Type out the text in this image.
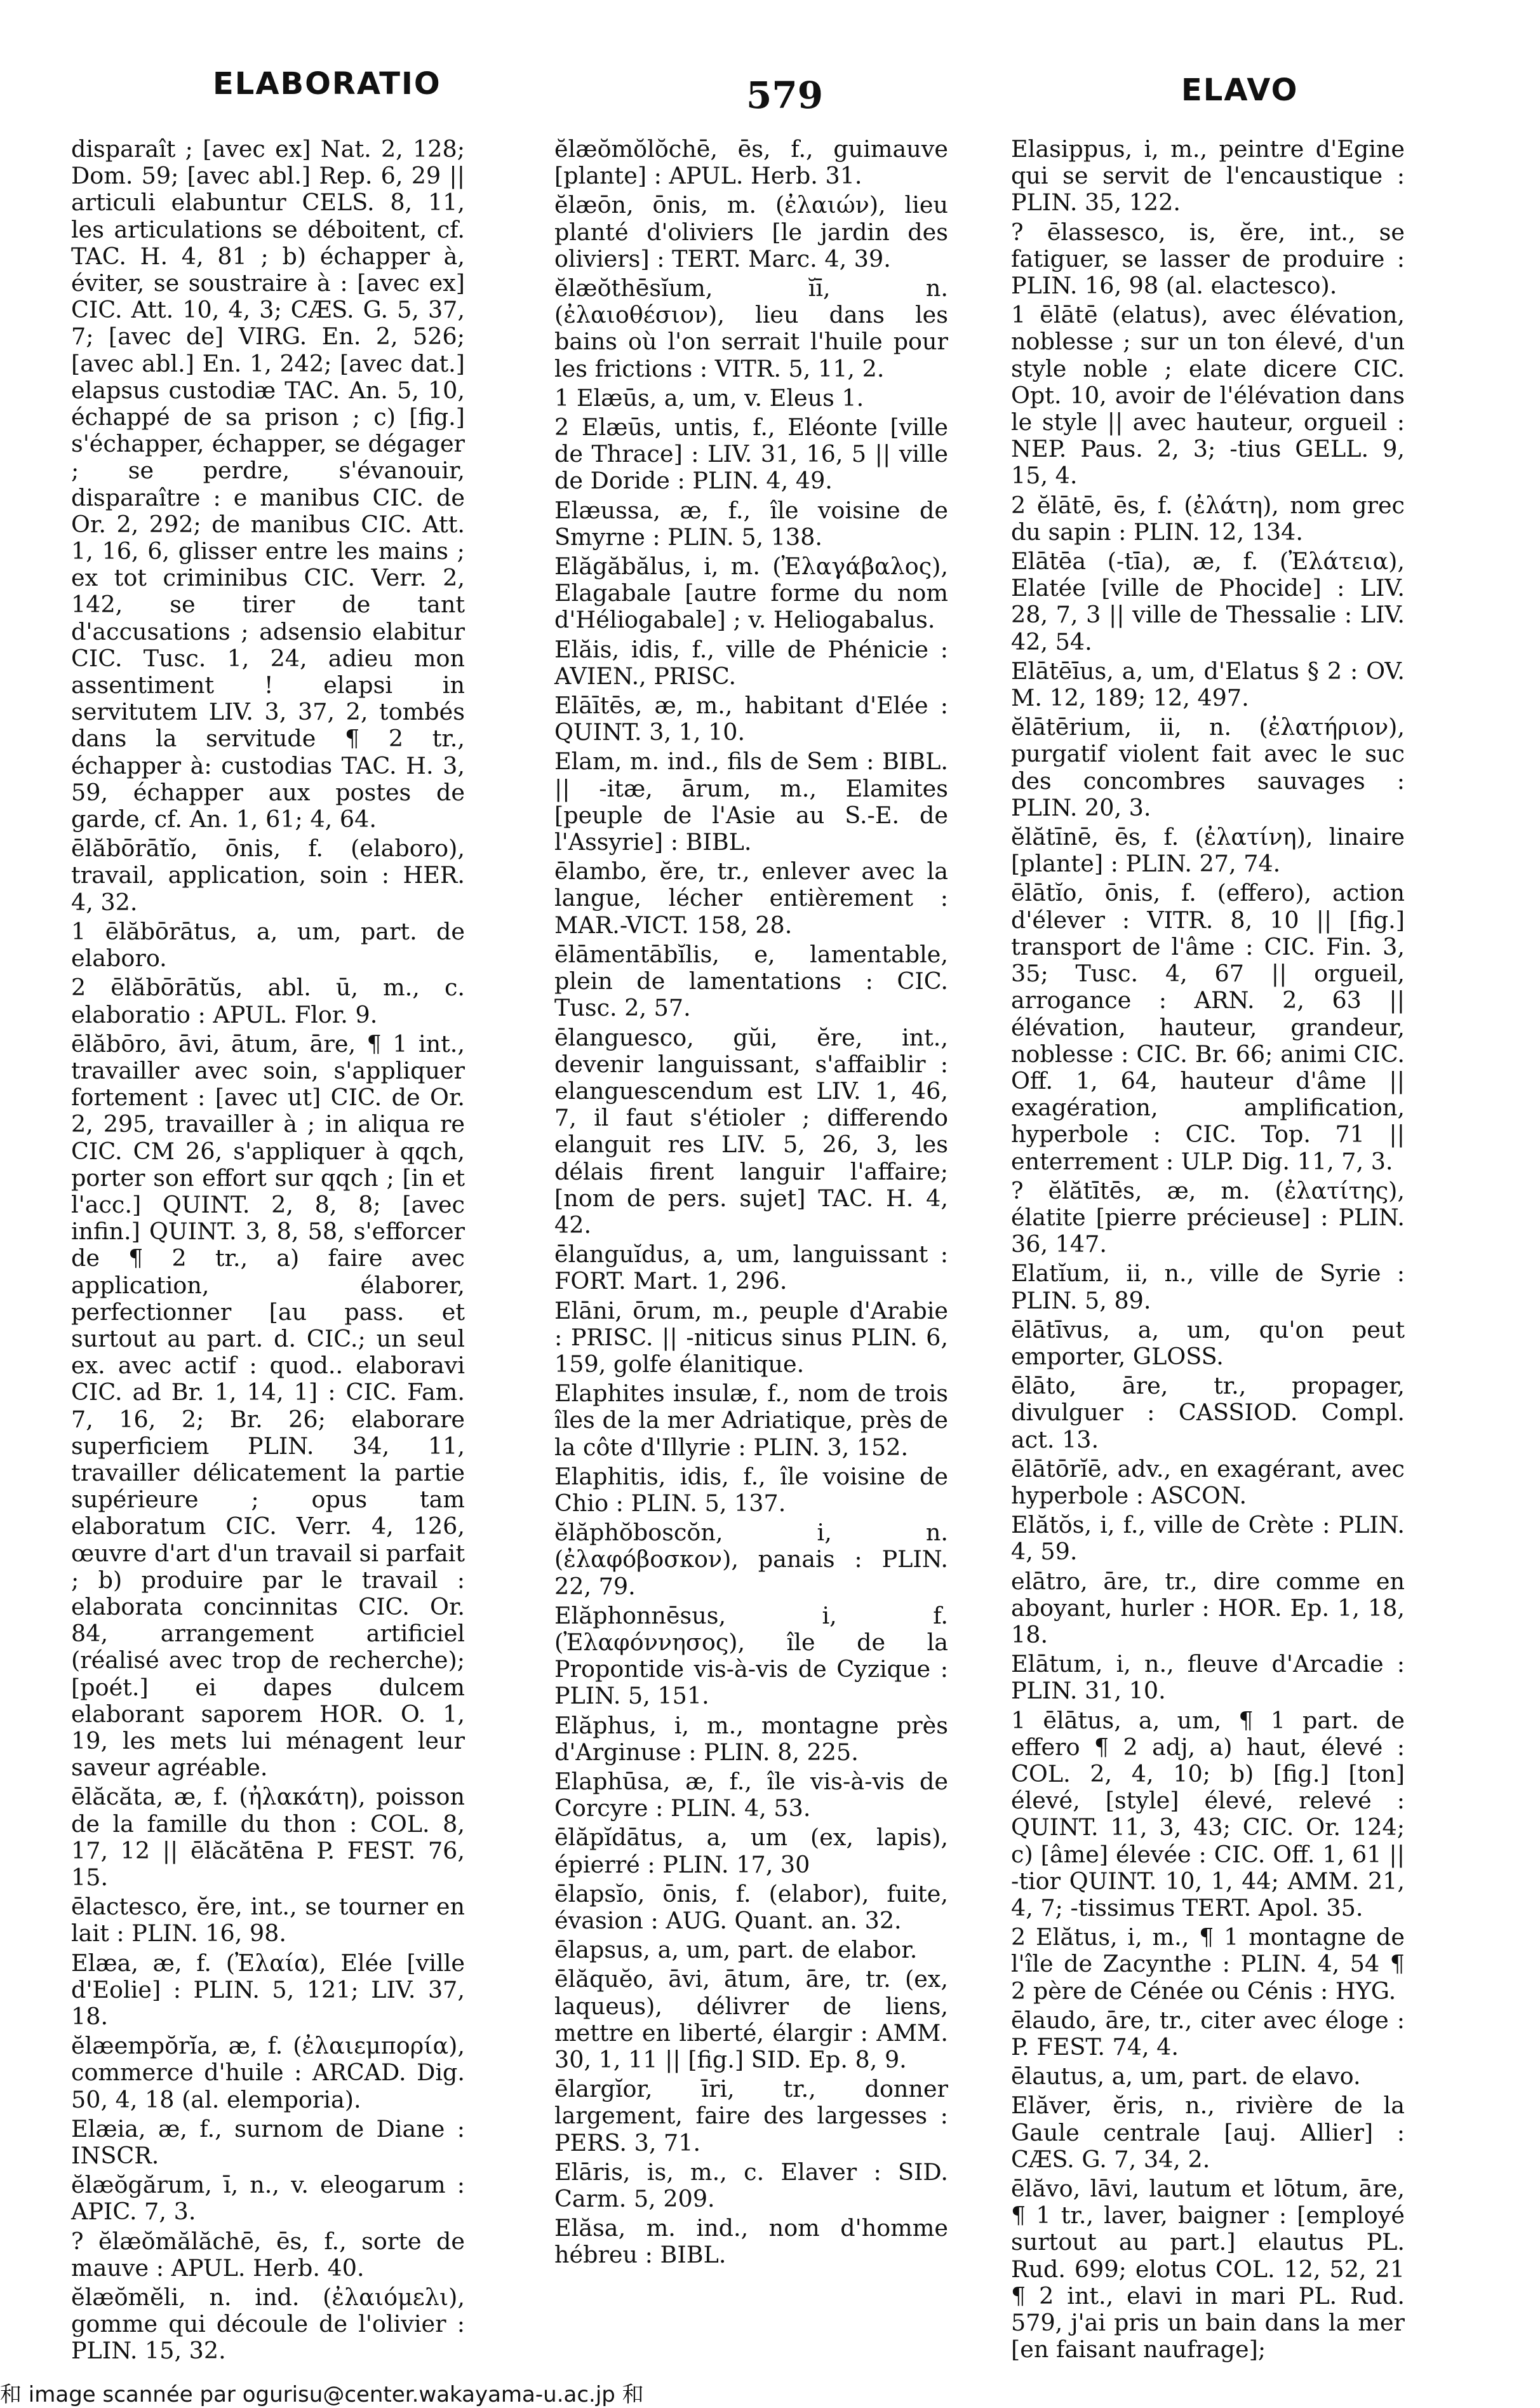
ELABORATIO	579	ELAVO
disparaît ; [avec ex] Nat. 2, 128; Dom. 59; [avec abl.] Rep. 6, 29 || articuli elabuntur CELS. 8, 11, les articulations se déboitent, cf. TAC. H. 4, 81 ; b) échapper à, éviter, se soustraire à : [avec ex] CIC. Att. 10, 4, 3; CÆS. G. 5, 37, 7; [avec de] VIRG. En. 2, 526; [avec abl.] En. 1, 242; [avec dat.] elapsus custodiæ TAC. An. 5, 10, échappé de sa prison ; c) [fig.] s'échapper, échapper, se dégager ; se perdre, s'évanouir, disparaître : e manibus CIC. de Or. 2, 292; de manibus CIC. Att. 1, 16, 6, glisser entre les mains ; ex tot criminibus CIC. Verr. 2, 142, se tirer de tant d'accusations ; adsensio elabitur CIC. Tusc. 1, 24, adieu mon assentiment ! elapsi in servitutem LIV. 3, 37, 2, tombés dans la servitude ¶ 2 tr., échapper à: custodias TAC. H. 3, 59, échapper aux postes de garde, cf. An. 1, 61; 4, 64.
ēlăbōrātĭo, ōnis, f. (elaboro), travail, application, soin : HER. 4, 32.
1 ēlăbōrātus, a, um, part. de elaboro.
2 ēlăbōrātŭs, abl. ū, m., c. elaboratio : APUL. Flor. 9.
ēlăbōro, āvi, ātum, āre, ¶ 1 int., travailler avec soin, s'appliquer fortement : [avec ut] CIC. de Or. 2, 295, travailler à ; in aliqua re CIC. CM 26, s'appliquer à qqch, porter son effort sur qqch ; [in et l'acc.] QUINT. 2, 8, 8; [avec infin.] QUINT. 3, 8, 58, s'efforcer de ¶ 2 tr., a) faire avec application, élaborer, perfectionner [au pass. et surtout au part. d. CIC.; un seul ex. avec actif : quod.. elaboravi CIC. ad Br. 1, 14, 1] : CIC. Fam. 7, 16, 2; Br. 26; elaborare superficiem PLIN. 34, 11, travailler délicatement la partie supérieure ; opus tam elaboratum CIC. Verr. 4, 126, œuvre d'art d'un travail si parfait ; b) produire par le travail : elaborata concinnitas CIC. Or. 84, arrangement artificiel (réalisé avec trop de recherche); [poét.] ei dapes dulcem elaborant saporem HOR. O. 1, 19, les mets lui ménagent leur saveur agréable.
ēlăcăta, æ, f. (ἠλακάτη), poisson de la famille du thon : COL. 8, 17, 12 || ēlăcătēna P. FEST. 76, 15.
ēlactesco, ĕre, int., se tourner en lait : PLIN. 16, 98.
Elæa, æ, f. (Ἐλαία), Elée [ville d'Eolie] : PLIN. 5, 121; LIV. 37, 18.
ĕlæempŏrĭa, æ, f. (ἐλαιεμπορία), commerce d'huile : ARCAD. Dig. 50, 4, 18 (al. elemporia).
Elæia, æ, f., surnom de Diane : INSCR.
ĕlæŏgărum, ī, n., v. eleogarum : APIC. 7, 3.
? ĕlæŏmălăchē, ēs, f., sorte de mauve : APUL. Herb. 40.
ĕlæŏmĕli, n. ind. (ἐλαιόμελι), gomme qui découle de l'olivier : PLIN. 15, 32.
ĕlæŏmŏlŏchē, ēs, f., guimauve [plante] : APUL. Herb. 31.
ĕlæōn, ōnis, m. (ἐλαιών), lieu planté d'oliviers [le jardin des oliviers] : TERT. Marc. 4, 39.
ĕlæŏthēsĭum, ĭī, n. (ἐλαιοθέσιον), lieu dans les bains où l'on serrait l'huile pour les frictions : VITR. 5, 11, 2.
1 Elæūs, a, um, v. Eleus 1.
2 Elæūs, untis, f., Eléonte [ville de Thrace] : LIV. 31, 16, 5 || ville de Doride : PLIN. 4, 49.
Elæussa, æ, f., île voisine de Smyrne : PLIN. 5, 138.
Elăgăbălus, i, m. (Ἐλαγάβαλος), Elagabale [autre forme du nom d'Héliogabale] ; v. Heliogabalus.
Elăis, idis, f., ville de Phénicie : AVIEN., PRISC.
Elāītēs, æ, m., habitant d'Elée : QUINT. 3, 1, 10.
Elam, m. ind., fils de Sem : BIBL. || -itæ, ārum, m., Elamites [peuple de l'Asie au S.-E. de l'Assyrie] : BIBL.
ēlambo, ĕre, tr., enlever avec la langue, lécher entièrement : MAR.-VICT. 158, 28.
ēlāmentābĭlis, e, lamentable, plein de lamentations : CIC. Tusc. 2, 57.
ēlanguesco, gŭi, ĕre, int., devenir languissant, s'affaiblir : elanguescendum est LIV. 1, 46, 7, il faut s'étioler ; differendo elanguit res LIV. 5, 26, 3, les délais firent languir l'affaire; [nom de pers. sujet] TAC. H. 4, 42.
ēlanguĭdus, a, um, languissant : FORT. Mart. 1, 296.
Elāni, ōrum, m., peuple d'Arabie : PRISC. || -niticus sinus PLIN. 6, 159, golfe élanitique.
Elaphites insulæ, f., nom de trois îles de la mer Adriatique, près de la côte d'Illyrie : PLIN. 3, 152.
Elaphitis, idis, f., île voisine de Chio : PLIN. 5, 137.
ĕlăphŏboscŏn, i, n. (ἐλαφόβοσκον), panais : PLIN. 22, 79.
Elăphonnēsus, i, f. (Ἐλαφόννησος), île de la Propontide vis-à-vis de Cyzique : PLIN. 5, 151.
Elăphus, i, m., montagne près d'Arginuse : PLIN. 8, 225.
Elaphūsa, æ, f., île vis-à-vis de Corcyre : PLIN. 4, 53.
ēlăpĭdātus, a, um (ex, lapis), épierré : PLIN. 17, 30
ēlapsĭo, ōnis, f. (elabor), fuite, évasion : AUG. Quant. an. 32.
ēlapsus, a, um, part. de elabor.
ēlăquĕo, āvi, ātum, āre, tr. (ex, laqueus), délivrer de liens, mettre en liberté, élargir : AMM. 30, 1, 11 || [fig.] SID. Ep. 8, 9.
ēlargĭor, īri, tr., donner largement, faire des largesses : PERS. 3, 71.
Elāris, is, m., c. Elaver : SID. Carm. 5, 209.
Elăsa, m. ind., nom d'homme hébreu : BIBL.
Elasippus, i, m., peintre d'Egine qui se servit de l'encaustique : PLIN. 35, 122.
? ēlassesco, is, ĕre, int., se fatiguer, se lasser de produire : PLIN. 16, 98 (al. elactesco).
1 ēlātē (elatus), avec élévation, noblesse ; sur un ton élevé, d'un style noble ; elate dicere CIC. Opt. 10, avoir de l'élévation dans le style || avec hauteur, orgueil : NEP. Paus. 2, 3; -tius GELL. 9, 15, 4.
2 ĕlātē, ēs, f. (ἐλάτη), nom grec du sapin : PLIN. 12, 134.
Elātēa (-tīa), æ, f. (Ἐλάτεια), Elatée [ville de Phocide] : LIV. 28, 7, 3 || ville de Thessalie : LIV. 42, 54.
Elātēīus, a, um, d'Elatus § 2 : OV. M. 12, 189; 12, 497.
ĕlātērium, ii, n. (ἐλατήριον), purgatif violent fait avec le suc des concombres sauvages : PLIN. 20, 3.
ĕlătīnē, ēs, f. (ἐλατίνη), linaire [plante] : PLIN. 27, 74.
ēlātĭo, ōnis, f. (effero), action d'élever : VITR. 8, 10 || [fig.] transport de l'âme : CIC. Fin. 3, 35; Tusc. 4, 67 || orgueil, arrogance : ARN. 2, 63 || élévation, hauteur, grandeur, noblesse : CIC. Br. 66; animi CIC. Off. 1, 64, hauteur d'âme || exagération, amplification, hyperbole : CIC. Top. 71 || enterrement : ULP. Dig. 11, 7, 3.
? ĕlătītēs, æ, m. (ἐλατίτης), élatite [pierre précieuse] : PLIN. 36, 147.
Elatĭum, ii, n., ville de Syrie : PLIN. 5, 89.
ēlātīvus, a, um, qu'on peut emporter, GLOSS.
ēlāto, āre, tr., propager, divulguer : CASSIOD. Compl. act. 13.
ēlātōrĭē, adv., en exagérant, avec hyperbole : ASCON.
Elătŏs, i, f., ville de Crète : PLIN. 4, 59.
elātro, āre, tr., dire comme en aboyant, hurler : HOR. Ep. 1, 18, 18.
Elātum, i, n., fleuve d'Arcadie : PLIN. 31, 10.
1 ēlātus, a, um, ¶ 1 part. de effero ¶ 2 adj, a) haut, élevé : COL. 2, 4, 10; b) [fig.] [ton] élevé, [style] élevé, relevé : QUINT. 11, 3, 43; CIC. Or. 124; c) [âme] élevée : CIC. Off. 1, 61 || -tior QUINT. 10, 1, 44; AMM. 21, 4, 7; -tissimus TERT. Apol. 35.
2 Elătus, i, m., ¶ 1 montagne de l'île de Zacynthe : PLIN. 4, 54 ¶ 2 père de Cénée ou Cénis : HYG.
ēlaudo, āre, tr., citer avec éloge : P. FEST. 74, 4.
ēlautus, a, um, part. de elavo.
Elăver, ĕris, n., rivière de la Gaule centrale [auj. Allier] : CÆS. G. 7, 34, 2.
ēlăvo, lāvi, lautum et lōtum, āre, ¶ 1 tr., laver, baigner : [employé surtout au part.] elautus PL. Rud. 699; elotus COL. 12, 52, 21 ¶ 2 int., elavi in mari PL. Rud. 579, j'ai pris un bain dans la mer [en faisant naufrage];
和 image scannée par ogurisu@center.wakayama-u.ac.jp 和
